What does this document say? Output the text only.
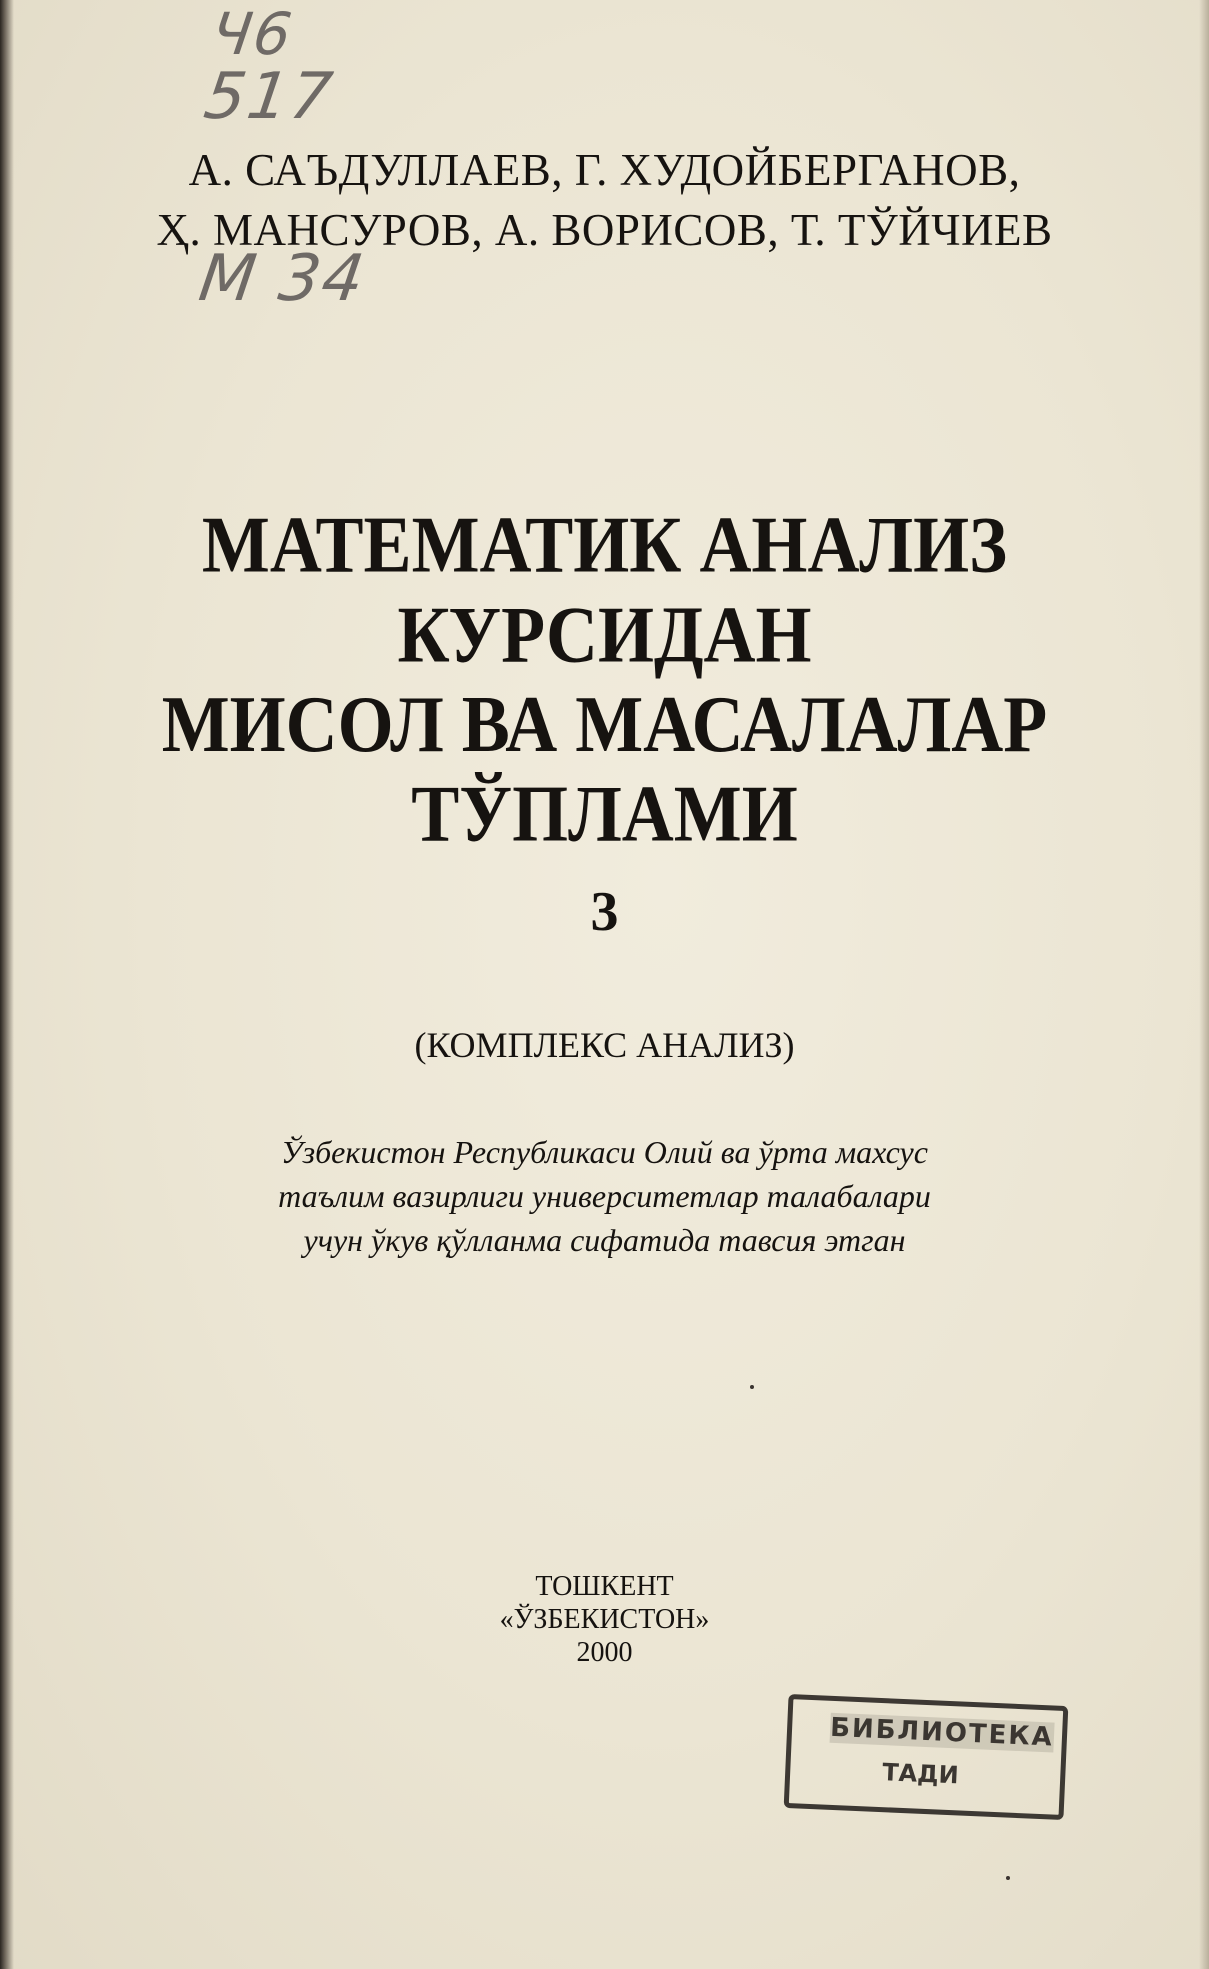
Ч6
517
М 34
А. САЪДУЛЛАЕВ, Г. ХУДОЙБЕРГАНОВ,
Ҳ. МАНСУРОВ, А. ВОРИСОВ, Т. ТЎЙЧИЕВ
МАТЕМАТИК АНАЛИЗ
КУРСИДАН
МИСОЛ ВА МАСАЛАЛАР
ТЎПЛАМИ
3
(КОМПЛЕКС АНАЛИЗ)
Ўзбекистон Республикаси Олий ва ўрта махсус
таълим вазирлиги университетлар талабалари
учун ўкув қўлланма сифатида тавсия этган
ТОШКЕНТ
«ЎЗБЕКИСТОН»
2000
БИБЛИОТЕКА
ТАДИ
